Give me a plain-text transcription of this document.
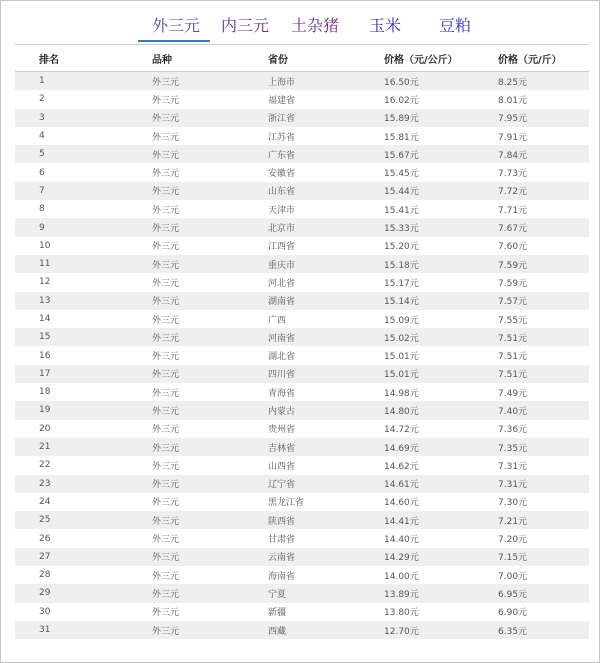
外三元 内三元 土杂猪 玉米 豆粕
排名	品种	省份	价格（元/公斤）	价格（元/斤）
1	外三元	上海市	16.50元	8.25元
2	外三元	福建省	16.02元	8.01元
3	外三元	浙江省	15.89元	7.95元
4	外三元	江苏省	15.81元	7.91元
5	外三元	广东省	15.67元	7.84元
6	外三元	安徽省	15.45元	7.73元
7	外三元	山东省	15.44元	7.72元
8	外三元	天津市	15.41元	7.71元
9	外三元	北京市	15.33元	7.67元
10	外三元	江西省	15.20元	7.60元
11	外三元	重庆市	15.18元	7.59元
12	外三元	河北省	15.17元	7.59元
13	外三元	湖南省	15.14元	7.57元
14	外三元	广西	15.09元	7.55元
15	外三元	河南省	15.02元	7.51元
16	外三元	湖北省	15.01元	7.51元
17	外三元	四川省	15.01元	7.51元
18	外三元	青海省	14.98元	7.49元
19	外三元	内蒙古	14.80元	7.40元
20	外三元	贵州省	14.72元	7.36元
21	外三元	吉林省	14.69元	7.35元
22	外三元	山西省	14.62元	7.31元
23	外三元	辽宁省	14.61元	7.31元
24	外三元	黑龙江省	14.60元	7.30元
25	外三元	陕西省	14.41元	7.21元
26	外三元	甘肃省	14.40元	7.20元
27	外三元	云南省	14.29元	7.15元
28	外三元	海南省	14.00元	7.00元
29	外三元	宁夏	13.89元	6.95元
30	外三元	新疆	13.80元	6.90元
31	外三元	西藏	12.70元	6.35元
